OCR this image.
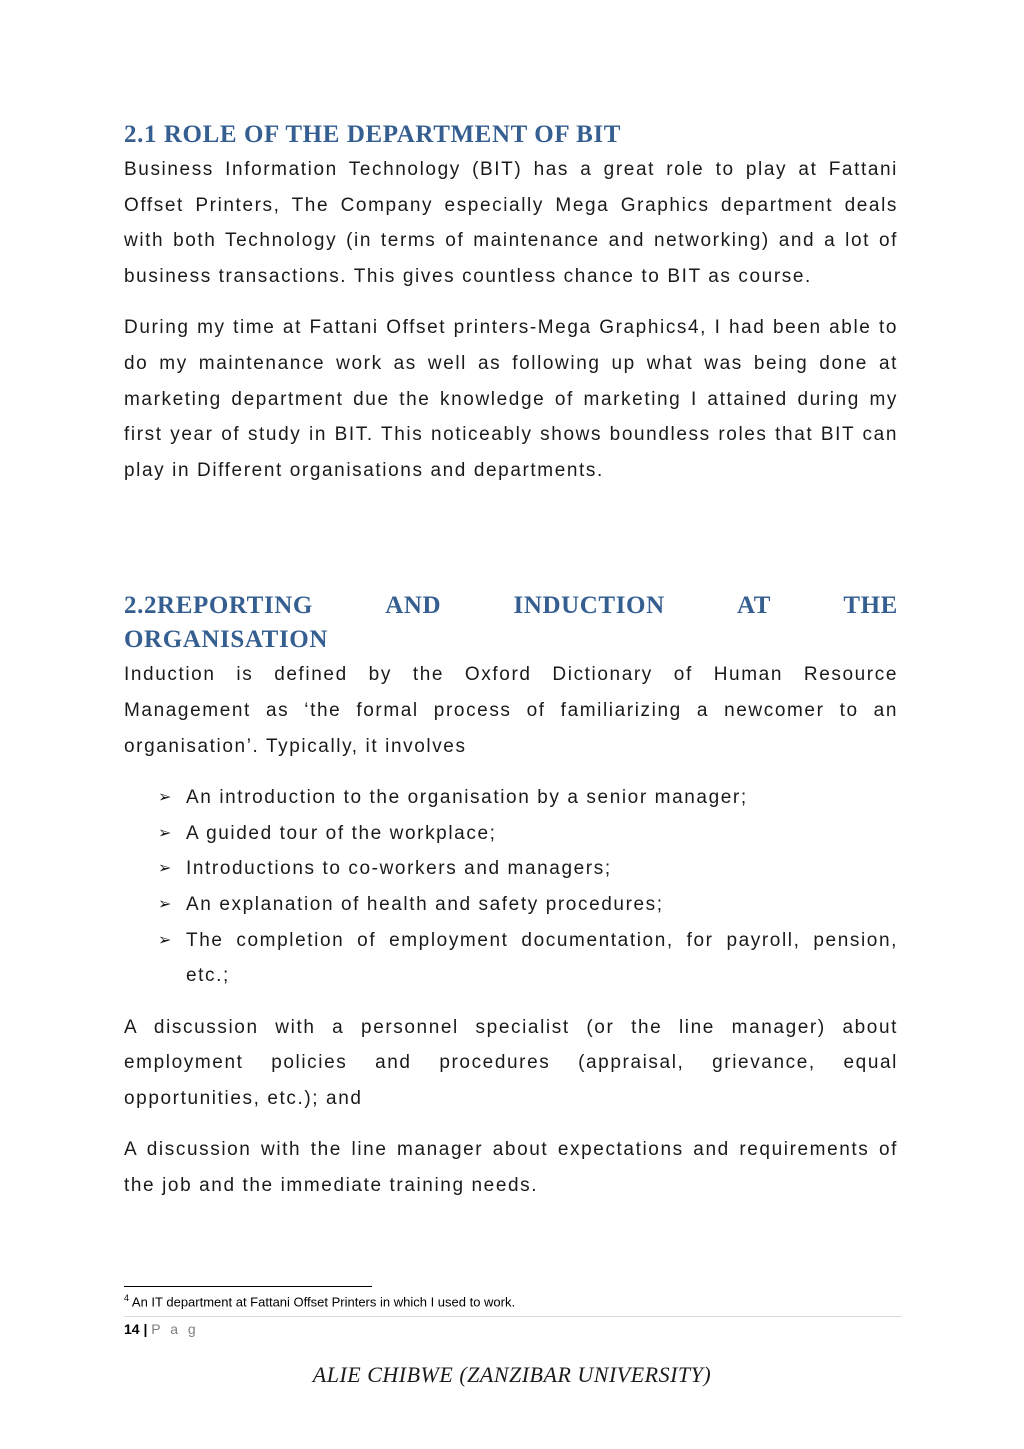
2.1 ROLE OF THE DEPARTMENT OF BIT

Business Information Technology (BIT) has a great role to play at Fattani Offset Printers, The Company especially Mega Graphics department deals with both Technology (in terms of maintenance and networking) and a lot of business transactions. This gives countless chance to BIT as course.

During my time at Fattani Offset printers-Mega Graphics4, I had been able to do my maintenance work as well as following up what was being done at marketing department due the knowledge of marketing I attained during my first year of study in BIT. This noticeably shows boundless roles that BIT can play in Different organisations and departments.

2.2REPORTING	AND	INDUCTION	AT	THE
ORGANISATION

Induction is defined by the Oxford Dictionary of Human Resource Management as ‘the formal process of familiarizing a newcomer to an organisation’. Typically, it involves

➢ An introduction to the organisation by a senior manager;
➢ A guided tour of the workplace;
➢ Introductions to co-workers and managers;
➢ An explanation of health and safety procedures;
➢ The completion of employment documentation, for payroll, pension, etc.;

A discussion with a personnel specialist (or the line manager) about employment policies and procedures (appraisal, grievance, equal opportunities, etc.); and

A discussion with the line manager about expectations and requirements of the job and the immediate training needs.

$^4$ An IT department at Fattani Offset Printers in which I used to work.
14 | P a g
ALIE CHIBWE (ZANZIBAR UNIVERSITY)
